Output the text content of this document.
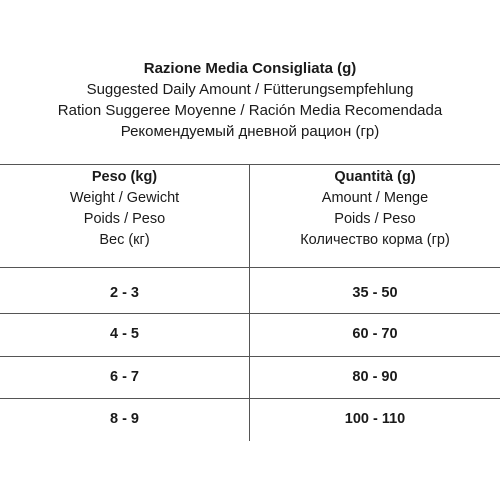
Razione Media Consigliata (g)
Suggested Daily Amount / Fütterungsempfehlung
Ration Suggeree Moyenne / Ración Media Recomendada
Рекомендуемый дневной рацион (гр)
Peso (kg)
Weight / Gewicht
Poids / Peso
Вес (кг)
Quantità (g)
Amount / Menge
Poids / Peso
Количество корма (гр)
2 - 3	35 - 50
4 - 5	60 - 70
6 - 7	80 - 90
8 - 9	100 - 110
